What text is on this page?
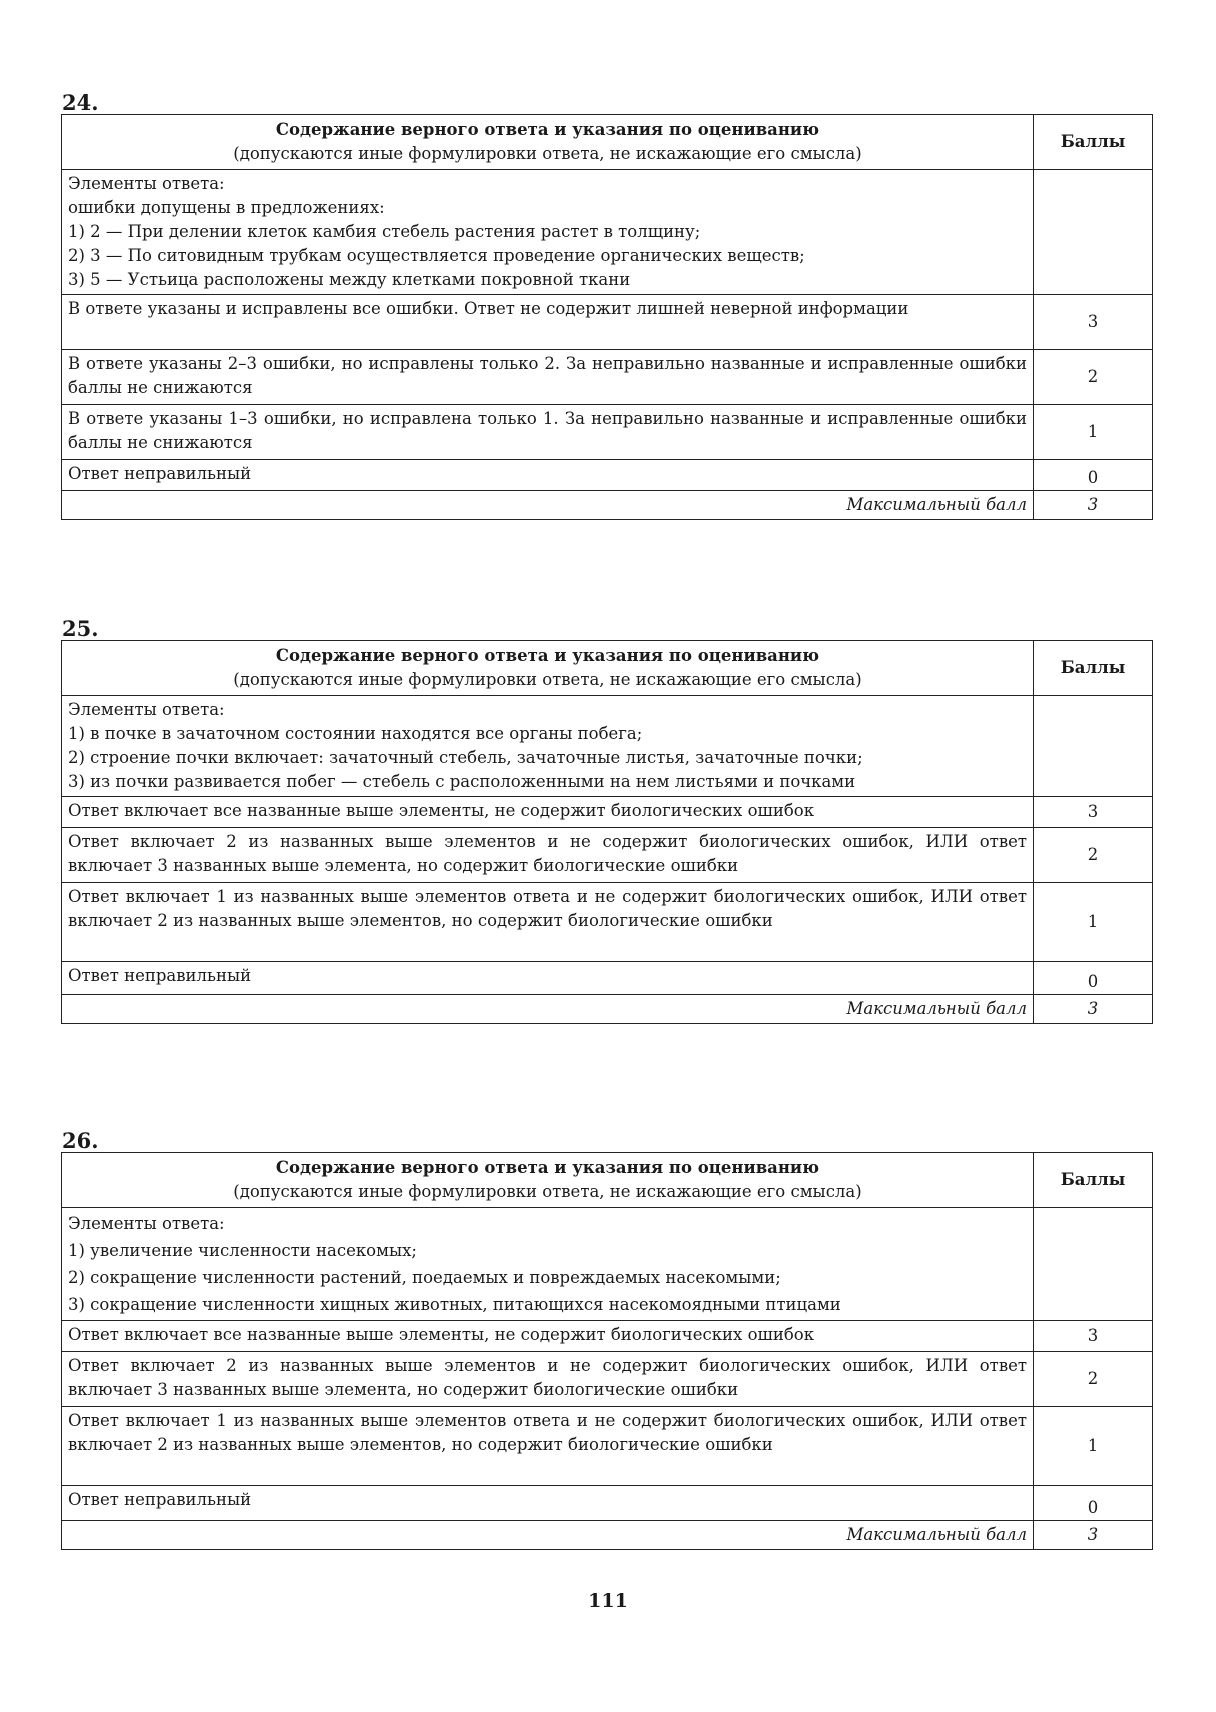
24.
Содержание верного ответа и указания по оцениванию
(допускаются иные формулировки ответа, не искажающие его смысла)	Баллы

Элементы ответа:
ошибки допущены в предложениях:
1) 2 — При делении клеток камбия стебель растения растет в толщину;
2) 3 — По ситовидным трубкам осуществляется проведение органических веществ;
3) 5 — Устьица расположены между клетками покровной ткани	

В ответе указаны и исправлены все ошибки. Ответ не содержит лишней неверной информации	3
В ответе указаны 2–3 ошибки, но исправлены только 2. За неправильно названные и исправленные ошибки баллы не снижаются	2
В ответе указаны 1–3 ошибки, но исправлена только 1. За неправильно названные и исправленные ошибки баллы не снижаются	1
Ответ неправильный	0
Максимальный балл	3
25.
Содержание верного ответа и указания по оцениванию
(допускаются иные формулировки ответа, не искажающие его смысла)	Баллы

Элементы ответа:
1) в почке в зачаточном состоянии находятся все органы побега;
2) строение почки включает: зачаточный стебель, зачаточные листья, зачаточные почки;
3) из почки развивается побег — стебель с расположенными на нем листьями и почками	

Ответ включает все названные выше элементы, не содержит биологических ошибок	3
Ответ включает 2 из названных выше элементов и не содержит биологических ошибок, ИЛИ ответ включает 3 названных выше элемента, но содержит биологические ошибки	2
Ответ включает 1 из названных выше элементов ответа и не содержит биологических ошибок, ИЛИ ответ включает 2 из названных выше элементов, но содержит биологические ошибки	1
Ответ неправильный	0
Максимальный балл	3
26.
Содержание верного ответа и указания по оцениванию
(допускаются иные формулировки ответа, не искажающие его смысла)	Баллы

Элементы ответа:
1) увеличение численности насекомых;
2) сокращение численности растений, поедаемых и повреждаемых насекомыми;
3) сокращение численности хищных животных, питающихся насекомоядными птицами	

Ответ включает все названные выше элементы, не содержит биологических ошибок	3
Ответ включает 2 из названных выше элементов и не содержит биологических ошибок, ИЛИ ответ включает 3 названных выше элемента, но содержит биологические ошибки	2
Ответ включает 1 из названных выше элементов ответа и не содержит биологических ошибок, ИЛИ ответ включает 2 из названных выше элементов, но содержит биологические ошибки	1
Ответ неправильный	0
Максимальный балл	3
111
